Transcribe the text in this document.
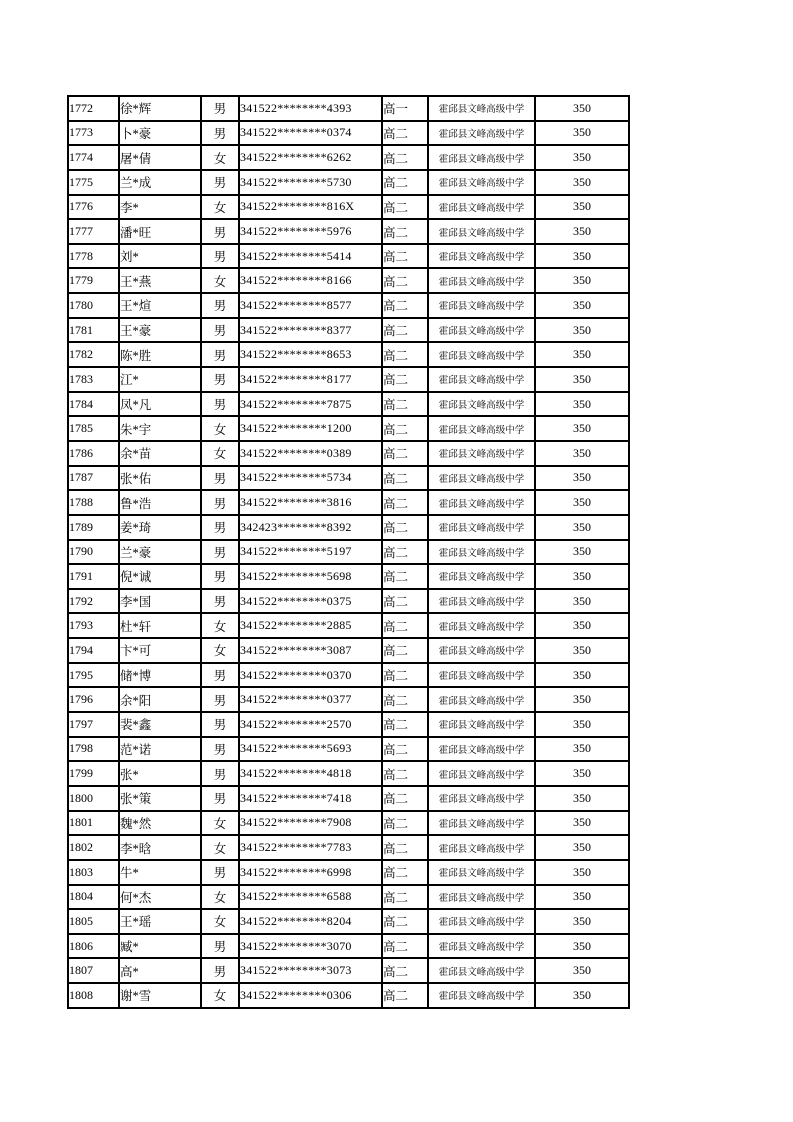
1772	徐*辉	男	341522********4393	高一	霍邱县文峰高级中学	350
1773	卜*豪	男	341522********0374	高二	霍邱县文峰高级中学	350
1774	屠*倩	女	341522********6262	高二	霍邱县文峰高级中学	350
1775	兰*成	男	341522********5730	高二	霍邱县文峰高级中学	350
1776	李*	女	341522********816X	高二	霍邱县文峰高级中学	350
1777	潘*旺	男	341522********5976	高二	霍邱县文峰高级中学	350
1778	刘*	男	341522********5414	高二	霍邱县文峰高级中学	350
1779	王*燕	女	341522********8166	高二	霍邱县文峰高级中学	350
1780	王*煊	男	341522********8577	高二	霍邱县文峰高级中学	350
1781	王*豪	男	341522********8377	高二	霍邱县文峰高级中学	350
1782	陈*胜	男	341522********8653	高二	霍邱县文峰高级中学	350
1783	江*	男	341522********8177	高二	霍邱县文峰高级中学	350
1784	凤*凡	男	341522********7875	高二	霍邱县文峰高级中学	350
1785	朱*宇	女	341522********1200	高二	霍邱县文峰高级中学	350
1786	余*苗	女	341522********0389	高二	霍邱县文峰高级中学	350
1787	张*佑	男	341522********5734	高二	霍邱县文峰高级中学	350
1788	鲁*浩	男	341522********3816	高二	霍邱县文峰高级中学	350
1789	姜*琦	男	342423********8392	高二	霍邱县文峰高级中学	350
1790	兰*豪	男	341522********5197	高二	霍邱县文峰高级中学	350
1791	倪*诚	男	341522********5698	高二	霍邱县文峰高级中学	350
1792	李*国	男	341522********0375	高二	霍邱县文峰高级中学	350
1793	杜*轩	女	341522********2885	高二	霍邱县文峰高级中学	350
1794	卞*可	女	341522********3087	高二	霍邱县文峰高级中学	350
1795	储*博	男	341522********0370	高二	霍邱县文峰高级中学	350
1796	余*阳	男	341522********0377	高二	霍邱县文峰高级中学	350
1797	裴*鑫	男	341522********2570	高二	霍邱县文峰高级中学	350
1798	范*诺	男	341522********5693	高二	霍邱县文峰高级中学	350
1799	张*	男	341522********4818	高二	霍邱县文峰高级中学	350
1800	张*策	男	341522********7418	高二	霍邱县文峰高级中学	350
1801	魏*然	女	341522********7908	高二	霍邱县文峰高级中学	350
1802	李*晗	女	341522********7783	高二	霍邱县文峰高级中学	350
1803	牛*	男	341522********6998	高二	霍邱县文峰高级中学	350
1804	何*杰	女	341522********6588	高二	霍邱县文峰高级中学	350
1805	王*瑶	女	341522********8204	高二	霍邱县文峰高级中学	350
1806	臧*	男	341522********3070	高二	霍邱县文峰高级中学	350
1807	高*	男	341522********3073	高二	霍邱县文峰高级中学	350
1808	谢*雪	女	341522********0306	高二	霍邱县文峰高级中学	350
